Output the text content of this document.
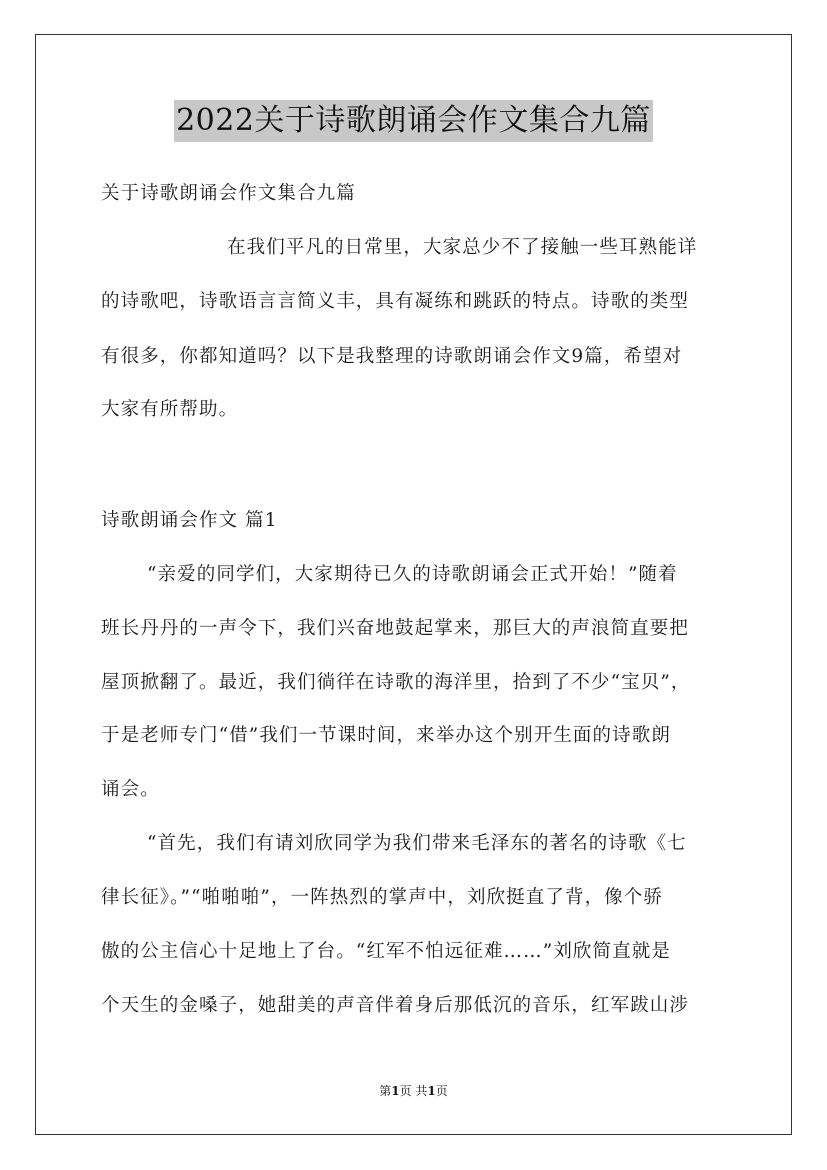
2022关于诗歌朗诵会作文集合九篇
关于诗歌朗诵会作文集合九篇
在我们平凡的日常里，大家总少不了接触一些耳熟能详
的诗歌吧，诗歌语言言简义丰，具有凝练和跳跃的特点。诗歌的类型
有很多，你都知道吗？以下是我整理的诗歌朗诵会作文9篇，希望对
大家有所帮助。
诗歌朗诵会作文 篇1
“亲爱的同学们，大家期待已久的诗歌朗诵会正式开始！”随着
班长丹丹的一声令下，我们兴奋地鼓起掌来，那巨大的声浪简直要把
屋顶掀翻了。最近，我们徜徉在诗歌的海洋里，拾到了不少“宝贝”，
于是老师专门“借”我们一节课时间，来举办这个别开生面的诗歌朗
诵会。
“首先，我们有请刘欣同学为我们带来毛泽东的著名的诗歌《七
律长征》。”“啪啪啪”，一阵热烈的掌声中，刘欣挺直了背，像个骄
傲的公主信心十足地上了台。“红军不怕远征难……”刘欣简直就是
个天生的金嗓子，她甜美的声音伴着身后那低沉的音乐，红军跋山涉
第1页 共1页
